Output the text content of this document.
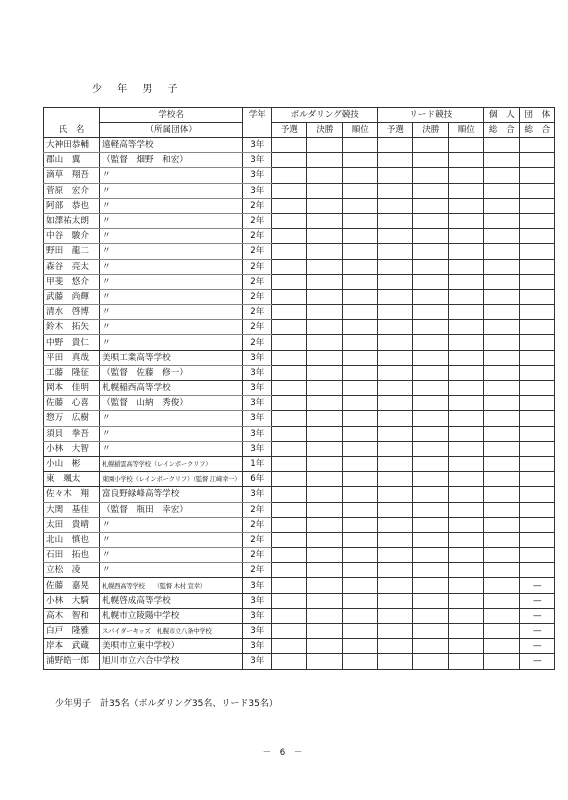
少 年 男 子
氏　名	学校名	学年	ボルダリング競技			リード競技			個　人	団　体
	（所属団体）		予選	決勝	順位	予選	決勝	順位	総　合	総　合
大神田恭輔	遠軽高等学校	3年								
郡山　翼	（監督　畑野　和宏）	3年								
滴草　翔吾	〃	3年								
菅原　宏介	〃	3年								
阿部　恭也	〃	2年								
如澤祐太朗	〃	2年								
中谷　駿介	〃	2年								
野田　龍二	〃	2年								
森谷　亮太	〃	2年								
甲斐　悠介	〃	2年								
武藤　尚輝	〃	2年								
清水　啓博	〃	2年								
鈴木　拓矢	〃	2年								
中野　貴仁	〃	2年								
平田　真哉	美唄工業高等学校	3年								
工藤　隆征	（監督　佐藤　修一）	3年								
岡本　佳明	札幌稲西高等学校	3年								
佐藤　心喜	（監督　山納　秀俊）	3年								
惣万　広樹	〃	3年								
須貝　拳吾	〃	3年								
小林　大智	〃	3年								
小山　彬	札幌稲雲高等学校（レインボークリフ）	1年								
東　颯太	東園小学校（レインボークリフ）（監督 江﨑幸一）	6年								
佐々木　翔	富良野緑峰高等学校	3年								
大関　基佳	（監督　瓶田　幸宏）	2年								
太田　貴晴	〃	2年								
北山　慎也	〃	2年								
石田　拓也	〃	2年								
立松　凌	〃	2年								
佐藤　嘉晃	札幌西高等学校　　（監督 木村 宣幸）	3年								—
小林　大騎	札幌啓成高等学校	3年								—
高木　智和	札幌市立陵陽中学校	3年								—
白戸　隆雅	スパイダーキッズ　札幌市立八条中学校	3年								—
岸本　武蔵	美唄市立東中学校）	3年								—
浦野皓一郎	旭川市立六合中学校	3年								—
少年男子　計35名（ボルダリング35名、リード35名）
－ 6 －
